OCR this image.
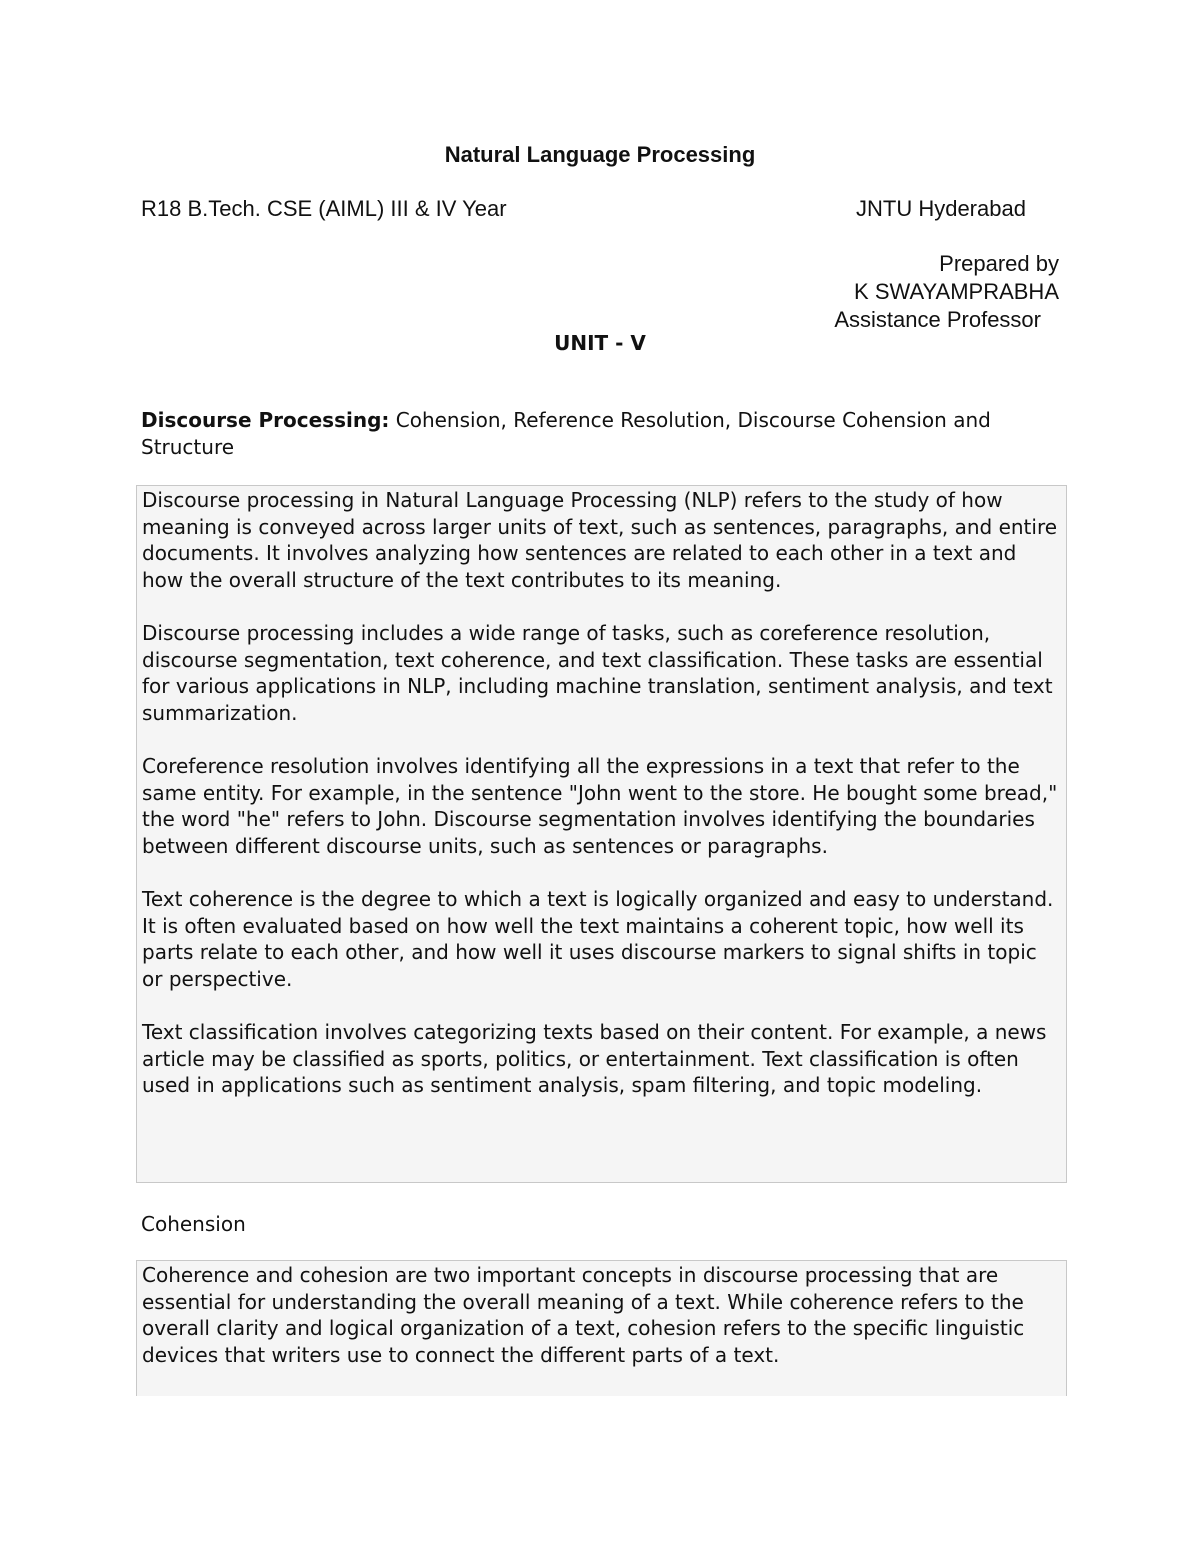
Natural Language Processing
R18 B.Tech. CSE (AIML) III & IV Year	JNTU Hyderabad
Prepared by
K SWAYAMPRABHA
Assistance Professor
UNIT - V
Discourse Processing: Cohension, Reference Resolution, Discourse Cohension and Structure

Discourse processing in Natural Language Processing (NLP) refers to the study of how meaning is conveyed across larger units of text, such as sentences, paragraphs, and entire documents. It involves analyzing how sentences are related to each other in a text and how the overall structure of the text contributes to its meaning.

Discourse processing includes a wide range of tasks, such as coreference resolution, discourse segmentation, text coherence, and text classification. These tasks are essential for various applications in NLP, including machine translation, sentiment analysis, and text summarization.

Coreference resolution involves identifying all the expressions in a text that refer to the same entity. For example, in the sentence "John went to the store. He bought some bread," the word "he" refers to John. Discourse segmentation involves identifying the boundaries between different discourse units, such as sentences or paragraphs.

Text coherence is the degree to which a text is logically organized and easy to understand. It is often evaluated based on how well the text maintains a coherent topic, how well its parts relate to each other, and how well it uses discourse markers to signal shifts in topic or perspective.

Text classification involves categorizing texts based on their content. For example, a news article may be classified as sports, politics, or entertainment. Text classification is often used in applications such as sentiment analysis, spam filtering, and topic modeling.

Cohension

Coherence and cohesion are two important concepts in discourse processing that are essential for understanding the overall meaning of a text. While coherence refers to the overall clarity and logical organization of a text, cohesion refers to the specific linguistic devices that writers use to connect the different parts of a text.
